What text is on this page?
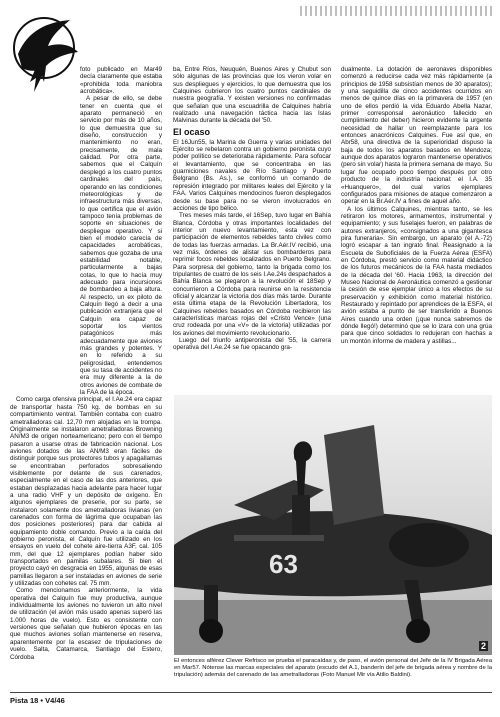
foto publicado en Mar49 decía claramente que estaba «prohibida toda maniobra acrobática».

A pesar de ello, se debe tener en cuenta que el aparato permaneció en servicio por más de 10 años, lo que demuestra que su diseño, construcción y mantenimiento no eran, precisamente, de mala calidad. Por otra parte, sabemos que el Calquín desplegó a los cuatro puntos cardinales del país, operando en las condiciones meteorológicas y de infraestructura más diversas, lo que certifica que el avión tampoco tenía problemas de soporte en situaciones de despliegue operativo. Y si bien el modelo carecía de capacidades acrobáticas, sabemos que gozaba de una estabilidad notable, particularmente a bajas cotas, lo que lo hacía muy adecuado para incursiones de bombardeo a baja altura. Al respecto, un ex piloto de Calquín llegó a decir a una publicación extranjera que el Calquín era capaz de soportar los vientos patagónicos más adecuadamente que aviones más grandes y potentes. Y en lo referido a su peligrosidad, entendemos que su tasa de accidentes no era muy diferente a la de otros aviones de combate de la FAA de la época.

Como carga ofensiva principal, el I.Ae.24 era capaz de transportar hasta 750 kg. de bombas en su compartimiento ventral. También contaba con cuatro ametralladoras cal. 12,70 mm alojadas en la trompa. Originalmente se instalaron ametralladoras Browning AN/M3 de origen norteamericano; pero con el tiempo pasaron a usarse otras de fabricación nacional. Los aviones dotados de las AN/M3 eran fáciles de distinguir porque sus protectores tubos y apagallamas se encontraban perforados sobresaliendo visiblemente por delante de sus carenados, especialmente en el caso de las dos anteriores, que estaban desplazadas hacia adelante para hacer lugar a una radio VHF y un depósito de oxígeno. En algunos ejemplares de preserie, por su parte, se instalaron solamente dos ametralladoras livianas (en carenados con forma de lágrima que ocupaban las dos posiciones posteriores) para dar cabida al equipamiento doble comando. Previo a la caída del gobierno peronista, el Calquín fue utilizado en los ensayos en vuelo del cohete aire-tierra A3F, cal. 105 mm, del que 12 ejemplares podían haber sido transportados en pamilas subalares. Si bien el proyecto cayó en desgracia en 1955, algunas de esas pamillas llegaron a ser instaladas en aviones de serie y utilizadas con cohetes cal. 75 mm.

Como mencionamos anteriormente, la vida operativa del Calquín fue muy productiva, aunque individualmente los aviones no tuvieron un alto nivel de utilización (el avión más usado apenas superó las 1.000 horas de vuelo). Esto es consistente con versiones que señalan que hubieron épocas en las que muchos aviones solían mantenerse en reserva, aparentemente por la escasez de tripulaciones de vuelo. Salta, Catamarca, Santiago del Estero, Córdoba

ba, Entre Ríos, Neuquén, Buenos Aires y Chubut son sólo algunas de las provincias que los vieron volar en sus despliegues y ejercicios, lo que demuestra que los Calquines cubrieron los cuatro puntos cardinales de nuestra geografía. Y existen versiones no confirmadas que señalan que una escuadrilla de Calquines habría realizado una navegación táctica hacia las Islas Malvinas durante la década del '50.

El ocaso

El 16Jun55, la Marina de Guerra y varias unidades del Ejército se rebelaron contra un gobierno peronista cuyo poder político se deterioraba rápidamente. Para sofocar el levantamiento, que se concentraba en las guarniciones navales de Río Santiago y Puerto Belgrano (Bs. As.), se conformó un comando de represión integrado por militares leales del Ejército y la FAA. Varios Calquines mendocinos fueron desplegados desde su base para no se vieron involucrados en acciones de tipo bélico.

Tres meses más tarde, el 16Sep, tuvo lugar en Bahía Blanca, Córdoba y otras importantes localidades del interior un nuevo levantamiento, esta vez con participación de elementos rebeldes tanto civiles como de todas las fuerzas armadas. La Br.Aér.IV recibió, una vez más, órdenes de alistar sus bombarderos para reprimir focos rebeldes localizados en Puerto Belgrano. Para sorpresa del gobierno, tanto la brigada como los tripulantes de cuatro de los seis I.Ae.24s despachados a Bahía Blanca se plegaron a la revolución el 18Sep y concurrieron a Córdoba para reunirse en la resistencia oficial y alcanzar la victoria dos días más tarde. Durante esta última etapa de la Revolución Libertadora, los Calquines rebeldes basados en Córdoba recibieron las características marcas rojas del «Cristo Vence» (una cruz rodeada por una «V» de la victoria) utilizadas por los aviones del movimiento revolucionario.

Luego del triunfo antiperonista del '55, la carrera operativa del I.Ae.24 se fue opacando gra-

dualmente. La dotación de aeronaves disponibles comenzó a reducirse cada vez más rápidamente (a principios de 1958 subsistían menos de 30 aparatos); y una seguidilla de cinco accidentes ocurridos en menos de quince días en la primavera de 1957 (en uno de ellos perdió la vida Eduardo Abella Nazar, primer corresponsal aeronáutico fallecido en cumplimiento del deber) hicieron evidente la urgente necesidad de hallar un reemplazante para los entonces anacrónicos Calquines. Fue así que, en Abr58, una directiva de la superioridad dispuso la baja de todos los aparatos basados en Mendoza; aunque dos aparatos lograron mantenerse operativos (pero sin volar) hasta la primera semana de mayo. Su lugar fue ocupado poco tiempo después por otro producto de la industria nacional: el I.A. 35 «Huanquero», del cual varios ejemplares configurados para misiones de ataque comenzaron a operar en la Br.Aér.IV a fines de aquel año.

A los últimos Calquines, mientras tanto, se les retiraron los motores, armamentos, instrumental y equipamiento; y sus fuselajes fueron, en palabras de autores extranjeros, «consignados a una gigantesca pira funeraria». Sin embargo, un aparato (el A.-72) logró escapar a tan ingrato final. Reasignado a la Escuela de Suboficiales de la Fuerza Aérea (ESFA) en Córdoba, prestó servicio como material didáctico de los futuros mecánicos de la FAA hasta mediados de la década del '60. Hacia 1963, la dirección del Museo Nacional de Aeronáutica comenzó a gestionar la cesión de ese ejemplar único a los efectos de su preservación y exhibición como material histórico. Restaurado y repintado por aprendices de la ESFA, el avión estaba a punto de ser transferido a Buenos Aires cuando una orden (¡que nunca sabremos de dónde llegó!) determinó que se lo izara con una grúa para que cinco soldados lo redujeran con hachas a un montón informe de madera y astillas...

63
2
El entonces alférez Clever Refrisco se prueba el paracaídas y, de paso, el avión personal del Jefe de la IV Brigada Aérea en Mar57. Nótense las marcas especiales del aparato (escudo del A.1, banderín del jefe de brigada aérea y nombre de la tripulación) además del carenado de las ametralladoras (Foto Manuel Mir vía Atilio Baldini).
Pista 18 • V4/46
